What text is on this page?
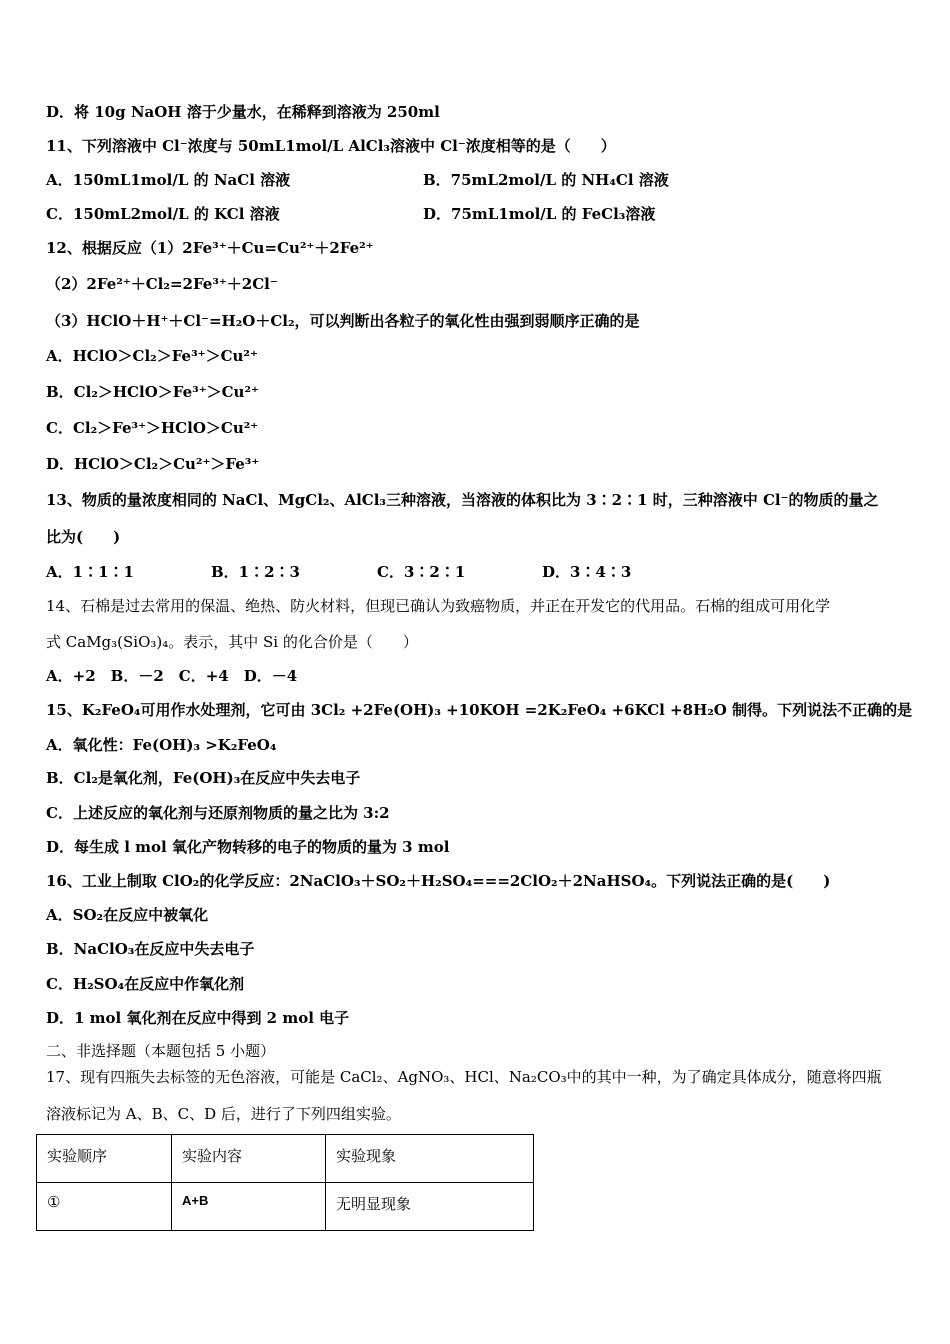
D．将 10g NaOH 溶于少量水，在稀释到溶液为 250ml
11、下列溶液中 Cl⁻浓度与 50mL1mol/L AlCl₃溶液中 Cl⁻浓度相等的是（　　）
A．150mL1mol/L 的 NaCl 溶液	B．75mL2mol/L 的 NH₄Cl 溶液
C．150mL2mol/L 的 KCl 溶液	D．75mL1mol/L 的 FeCl₃溶液
12、根据反应（1）2Fe³⁺＋Cu=Cu²⁺＋2Fe²⁺
（2）2Fe²⁺＋Cl₂=2Fe³⁺＋2Cl⁻
（3）HClO＋H⁺＋Cl⁻=H₂O＋Cl₂，可以判断出各粒子的氧化性由强到弱顺序正确的是
A．HClO＞Cl₂＞Fe³⁺＞Cu²⁺
B．Cl₂＞HClO＞Fe³⁺＞Cu²⁺
C．Cl₂＞Fe³⁺＞HClO＞Cu²⁺
D．HClO＞Cl₂＞Cu²⁺＞Fe³⁺
13、物质的量浓度相同的 NaCl、MgCl₂、AlCl₃三种溶液，当溶液的体积比为 3∶2∶1 时，三种溶液中 Cl⁻的物质的量之
比为(　　)
A．1∶1∶1	B．1∶2∶3	C．3∶2∶1	D．3∶4∶3
14、石棉是过去常用的保温、绝热、防火材料，但现已确认为致癌物质，并正在开发它的代用品。石棉的组成可用化学
式 CaMg₃(SiO₃)₄。表示，其中 Si 的化合价是（　　）
A．+2　B．－2　C．+4　D．－4
15、K₂FeO₄可用作水处理剂，它可由 3Cl₂ +2Fe(OH)₃ +10KOH =2K₂FeO₄ +6KCl +8H₂O 制得。下列说法不正确的是
A．氧化性：Fe(OH)₃ >K₂FeO₄
B．Cl₂是氧化剂，Fe(OH)₃在反应中失去电子
C．上述反应的氧化剂与还原剂物质的量之比为 3:2
D．每生成 l mol 氧化产物转移的电子的物质的量为 3 mol
16、工业上制取 ClO₂的化学反应：2NaClO₃＋SO₂＋H₂SO₄===2ClO₂＋2NaHSO₄。下列说法正确的是(　　)
A．SO₂在反应中被氧化
B．NaClO₃在反应中失去电子
C．H₂SO₄在反应中作氧化剂
D．1 mol 氧化剂在反应中得到 2 mol 电子
二、非选择题（本题包括 5 小题）
17、现有四瓶失去标签的无色溶液，可能是 CaCl₂、AgNO₃、HCl、Na₂CO₃中的其中一种，为了确定具体成分，随意将四瓶
溶液标记为 A、B、C、D 后，进行了下列四组实验。
实验顺序	实验内容	实验现象
①	A+B	无明显现象
